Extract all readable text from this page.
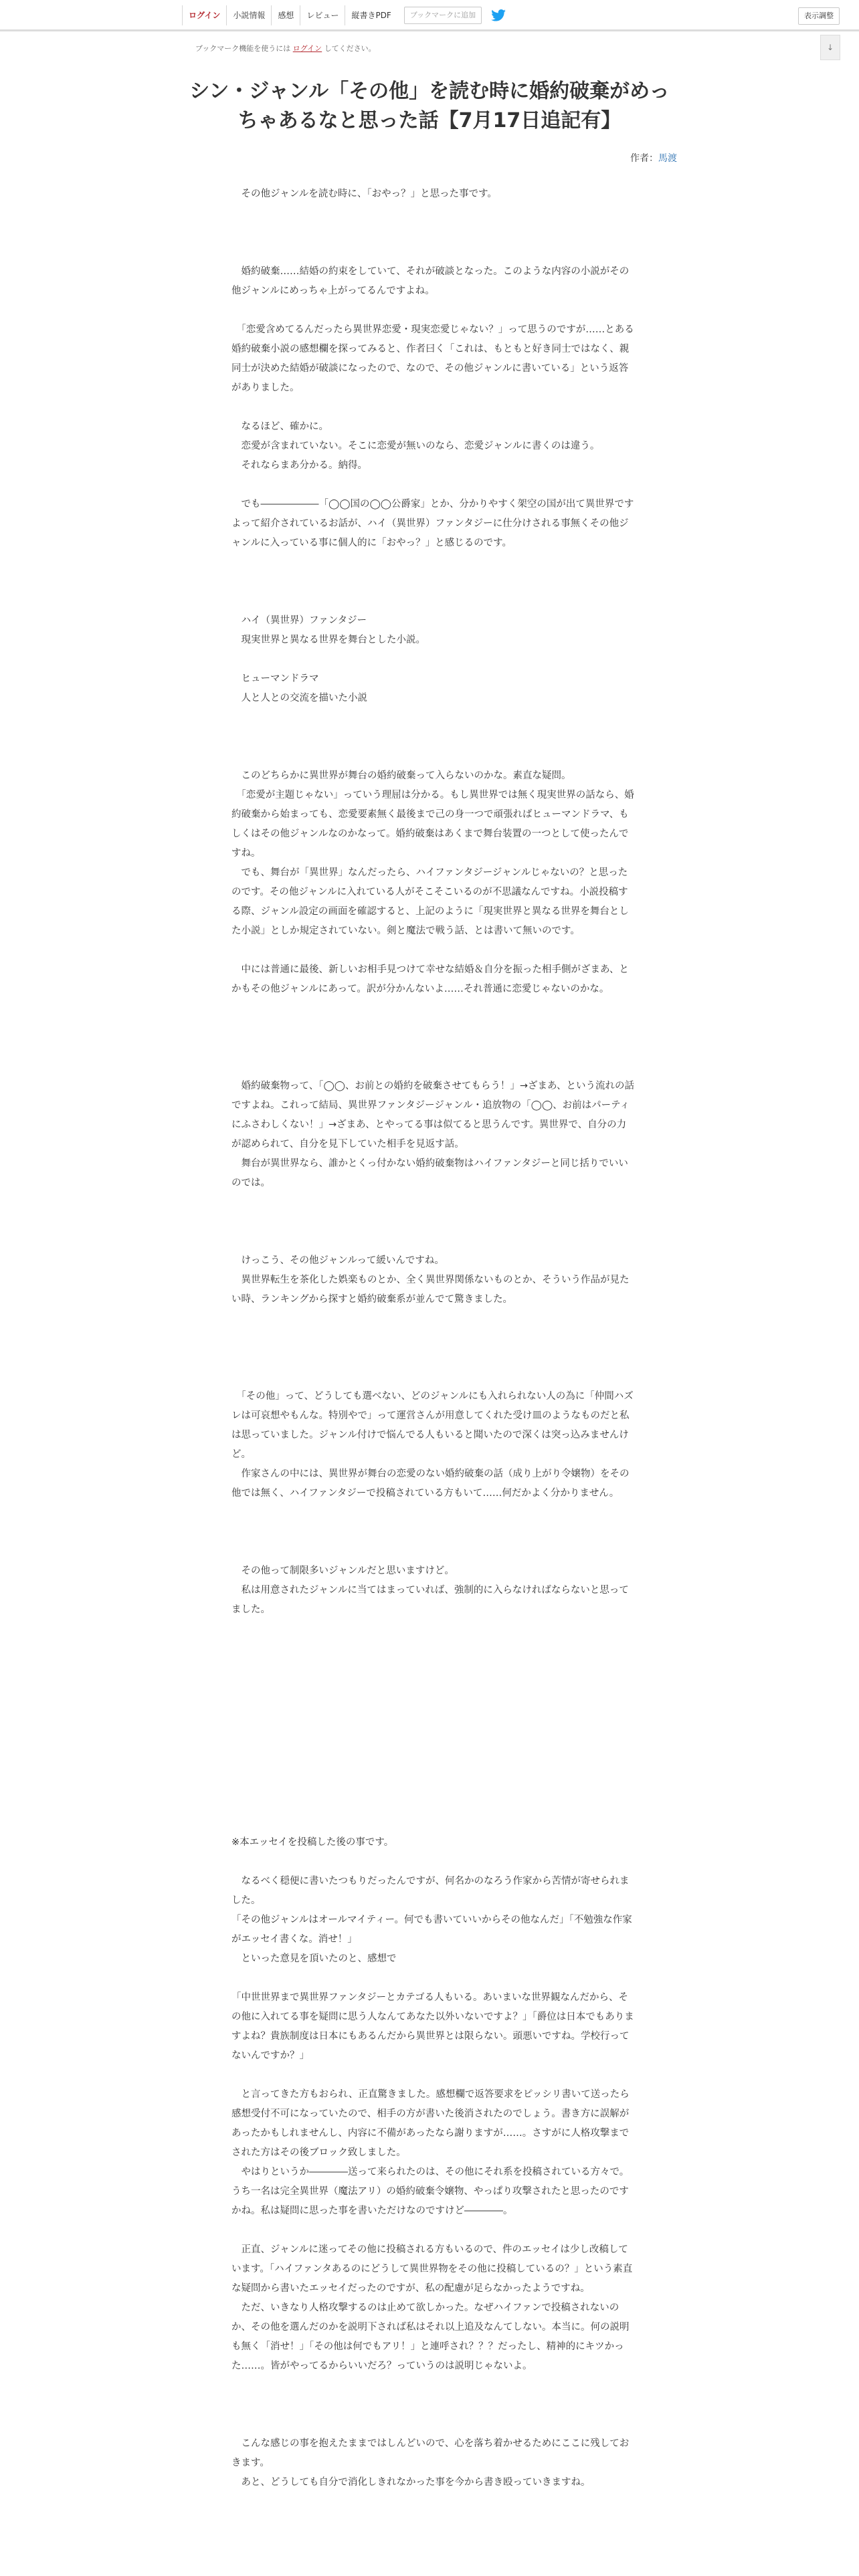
ログイン	小説情報	感想	レビュー	縦書きPDF	ブックマークに追加	表示調整
ブックマーク機能を使うには ログイン してください。	↓
シン・ジャンル「その他」を読む時に婚約破棄がめっちゃあるなと思った話【7月17日追記有】
作者：馬渡

　その他ジャンルを読む時に、「おやっ？」と思った事です。

　婚約破棄……結婚の約束をしていて、それが破談となった。このような内容の小説がその他ジャンルにめっちゃ上がってるんですよね。

　「恋愛含めてるんだったら異世界恋愛・現実恋愛じゃない？」って思うのですが……とある婚約破棄小説の感想欄を探ってみると、作者曰く「これは、もともと好き同士ではなく、親同士が決めた結婚が破談になったので、なので、その他ジャンルに書いている」という返答がありました。

　なるほど、確かに。

　恋愛が含まれていない。そこに恋愛が無いのなら、恋愛ジャンルに書くのは違う。

　それならまあ分かる。納得。

　でも――――――「◯◯国の◯◯公爵家」とか、分かりやすく架空の国が出て異世界ですよって紹介されているお話が、ハイ（異世界）ファンタジーに仕分けされる事無くその他ジャンルに入っている事に個人的に「おやっ？」と感じるのです。

　ハイ（異世界）ファンタジー

　現実世界と異なる世界を舞台とした小説。

　ヒューマンドラマ

　人と人との交流を描いた小説

　このどちらかに異世界が舞台の婚約破棄って入らないのかな。素直な疑問。

　「恋愛が主題じゃない」っていう理屈は分かる。もし異世界では無く現実世界の話なら、婚約破棄から始まっても、恋愛要素無く最後まで己の身一つで頑張ればヒューマンドラマ、もしくはその他ジャンルなのかなって。婚約破棄はあくまで舞台装置の一つとして使ったんですね。

　でも、舞台が「異世界」なんだったら、ハイファンタジージャンルじゃないの？と思ったのです。その他ジャンルに入れている人がそこそこいるのが不思議なんですね。小説投稿する際、ジャンル設定の画面を確認すると、上記のように「現実世界と異なる世界を舞台とした小説」としか規定されていない。剣と魔法で戦う話、とは書いて無いのです。

　中には普通に最後、新しいお相手見つけて幸せな結婚＆自分を振った相手側がざまあ、とかもその他ジャンルにあって。訳が分かんないよ……それ普通に恋愛じゃないのかな。

　婚約破棄物って、「◯◯、お前との婚約を破棄させてもらう！」→ざまあ、という流れの話ですよね。これって結局、異世界ファンタジージャンル・追放物の「◯◯、お前はパーティにふさわしくない！」→ざまあ、とやってる事は似てると思うんです。異世界で、自分の力が認められて、自分を見下していた相手を見返す話。

　舞台が異世界なら、誰かとくっ付かない婚約破棄物はハイファンタジーと同じ括りでいいのでは。

　けっこう、その他ジャンルって緩いんですね。

　異世界転生を茶化した娯楽ものとか、全く異世界関係ないものとか、そういう作品が見たい時、ランキングから探すと婚約破棄系が並んでて驚きました。

　「その他」って、どうしても選べない、どのジャンルにも入れられない人の為に「仲間ハズレは可哀想やもんな。特別やで」って運営さんが用意してくれた受け皿のようなものだと私は思っていました。ジャンル付けで悩んでる人もいると聞いたので深くは突っ込みませんけど。

　作家さんの中には、異世界が舞台の恋愛のない婚約破棄の話（成り上がり令嬢物）をその他では無く、ハイファンタジーで投稿されている方もいて……何だかよく分かりません。

　その他って制限多いジャンルだと思いますけど。

　私は用意されたジャンルに当てはまっていれば、強制的に入らなければならないと思ってました。

※本エッセイを投稿した後の事です。

　なるべく穏便に書いたつもりだったんですが、何名かのなろう作家から苦情が寄せられました。

「その他ジャンルはオールマイティー。何でも書いていいからその他なんだ」「不勉強な作家がエッセイ書くな。消せ！」

　といった意見を頂いたのと、感想で

「中世世界まで異世界ファンタジーとカテゴる人もいる。あいまいな世界観なんだから、その他に入れてる事を疑問に思う人なんてあなた以外いないですよ？」「爵位は日本でもありますよね？貴族制度は日本にもあるんだから異世界とは限らない。頭悪いですね。学校行ってないんですか？」

　と言ってきた方もおられ、正直驚きました。感想欄で返答要求をピッシリ書いて送ったら感想受付不可になっていたので、相手の方が書いた後消されたのでしょう。書き方に誤解があったかもしれませんし、内容に不備があったなら謝りますが……。さすがに人格攻撃までされた方はその後ブロック致しました。

　やはりというか――――送って来られたのは、その他にそれ系を投稿されている方々で。うち一名は完全異世界（魔法アリ）の婚約破棄令嬢物、やっぱり攻撃されたと思ったのですかね。私は疑問に思った事を書いただけなのですけど――――。

　正直、ジャンルに迷ってその他に投稿される方もいるので、件のエッセイは少し改稿しています。「ハイファンタあるのにどうして異世界物をその他に投稿しているの？」という素直な疑問から書いたエッセイだったのですが、私の配慮が足らなかったようですね。

　ただ、いきなり人格攻撃するのは止めて欲しかった。なぜハイファンで投稿されないのか、その他を選んだのかを説明下されば私はそれ以上追及なんてしない。本当に。何の説明も無く「消せ！」「その他は何でもアリ！」と連呼され？？？だったし、精神的にキツかった……。皆がやってるからいいだろ？っていうのは説明じゃないよ。

　こんな感じの事を抱えたままではしんどいので、心を落ち着かせるためにここに残しておきます。

　あと、どうしても自分で消化しきれなかった事を今から書き殴っていきますね。
